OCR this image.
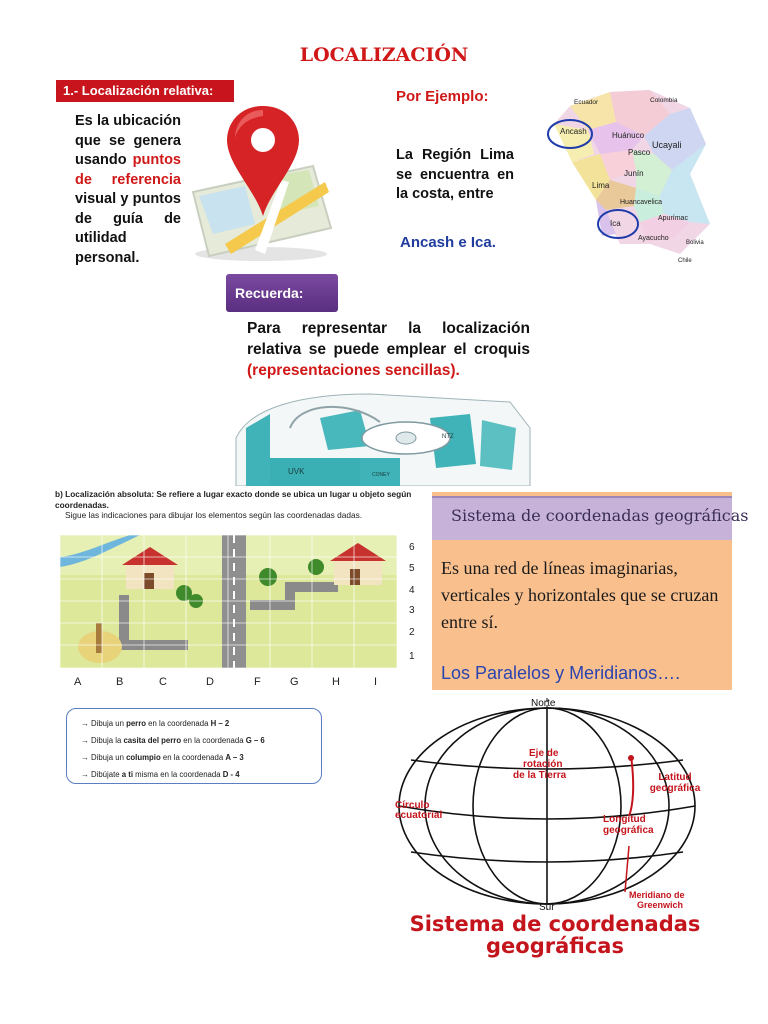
LOCALIZACIÓN
1.- Localización relativa:
Es la ubicación que se genera usando puntos de referencia visual y puntos de guía de utilidad personal.
Por Ejemplo:
La Región Lima se encuentra en la costa, entre
Ancash e Ica.
Ecuador	Colombia
Ancash	Huánuco
Pasco
Ucayali
Junín
Lima
Huancavelica
Ica
Apurímac
Ayacucho
Bolivia
Chile
Recuerda:
Para representar la localización relativa se puede emplear el croquis (representaciones sencillas).
UVK
NTZ
CONEY
b) Localización absoluta: Se refiere a lugar exacto donde se ubica un lugar u objeto según coordenadas.
Sigue las indicaciones para dibujar los elementos según las coordenadas dadas.
6
5
4
3
2
1
A	B	C	D	F	G	H	I
Sistema de coordenadas geográficas
Es una red de líneas imaginarias, verticales y horizontales que se cruzan entre sí.
Los Paralelos y Meridianos….
→ Dibuja un perro en la coordenada H – 2
→ Dibuja la casita del perro en la coordenada G – 6
→ Dibuja un columpio en la coordenada A – 3
→ Dibújate a ti misma en la coordenada D - 4
Norte
Sur
Eje de
rotación
de la Tierra	Latitud
geográfica
Círculo
ecuatorial	Longitud
geográfica
Meridiano de
Greenwich
Sistema de coordenadas geográficas
